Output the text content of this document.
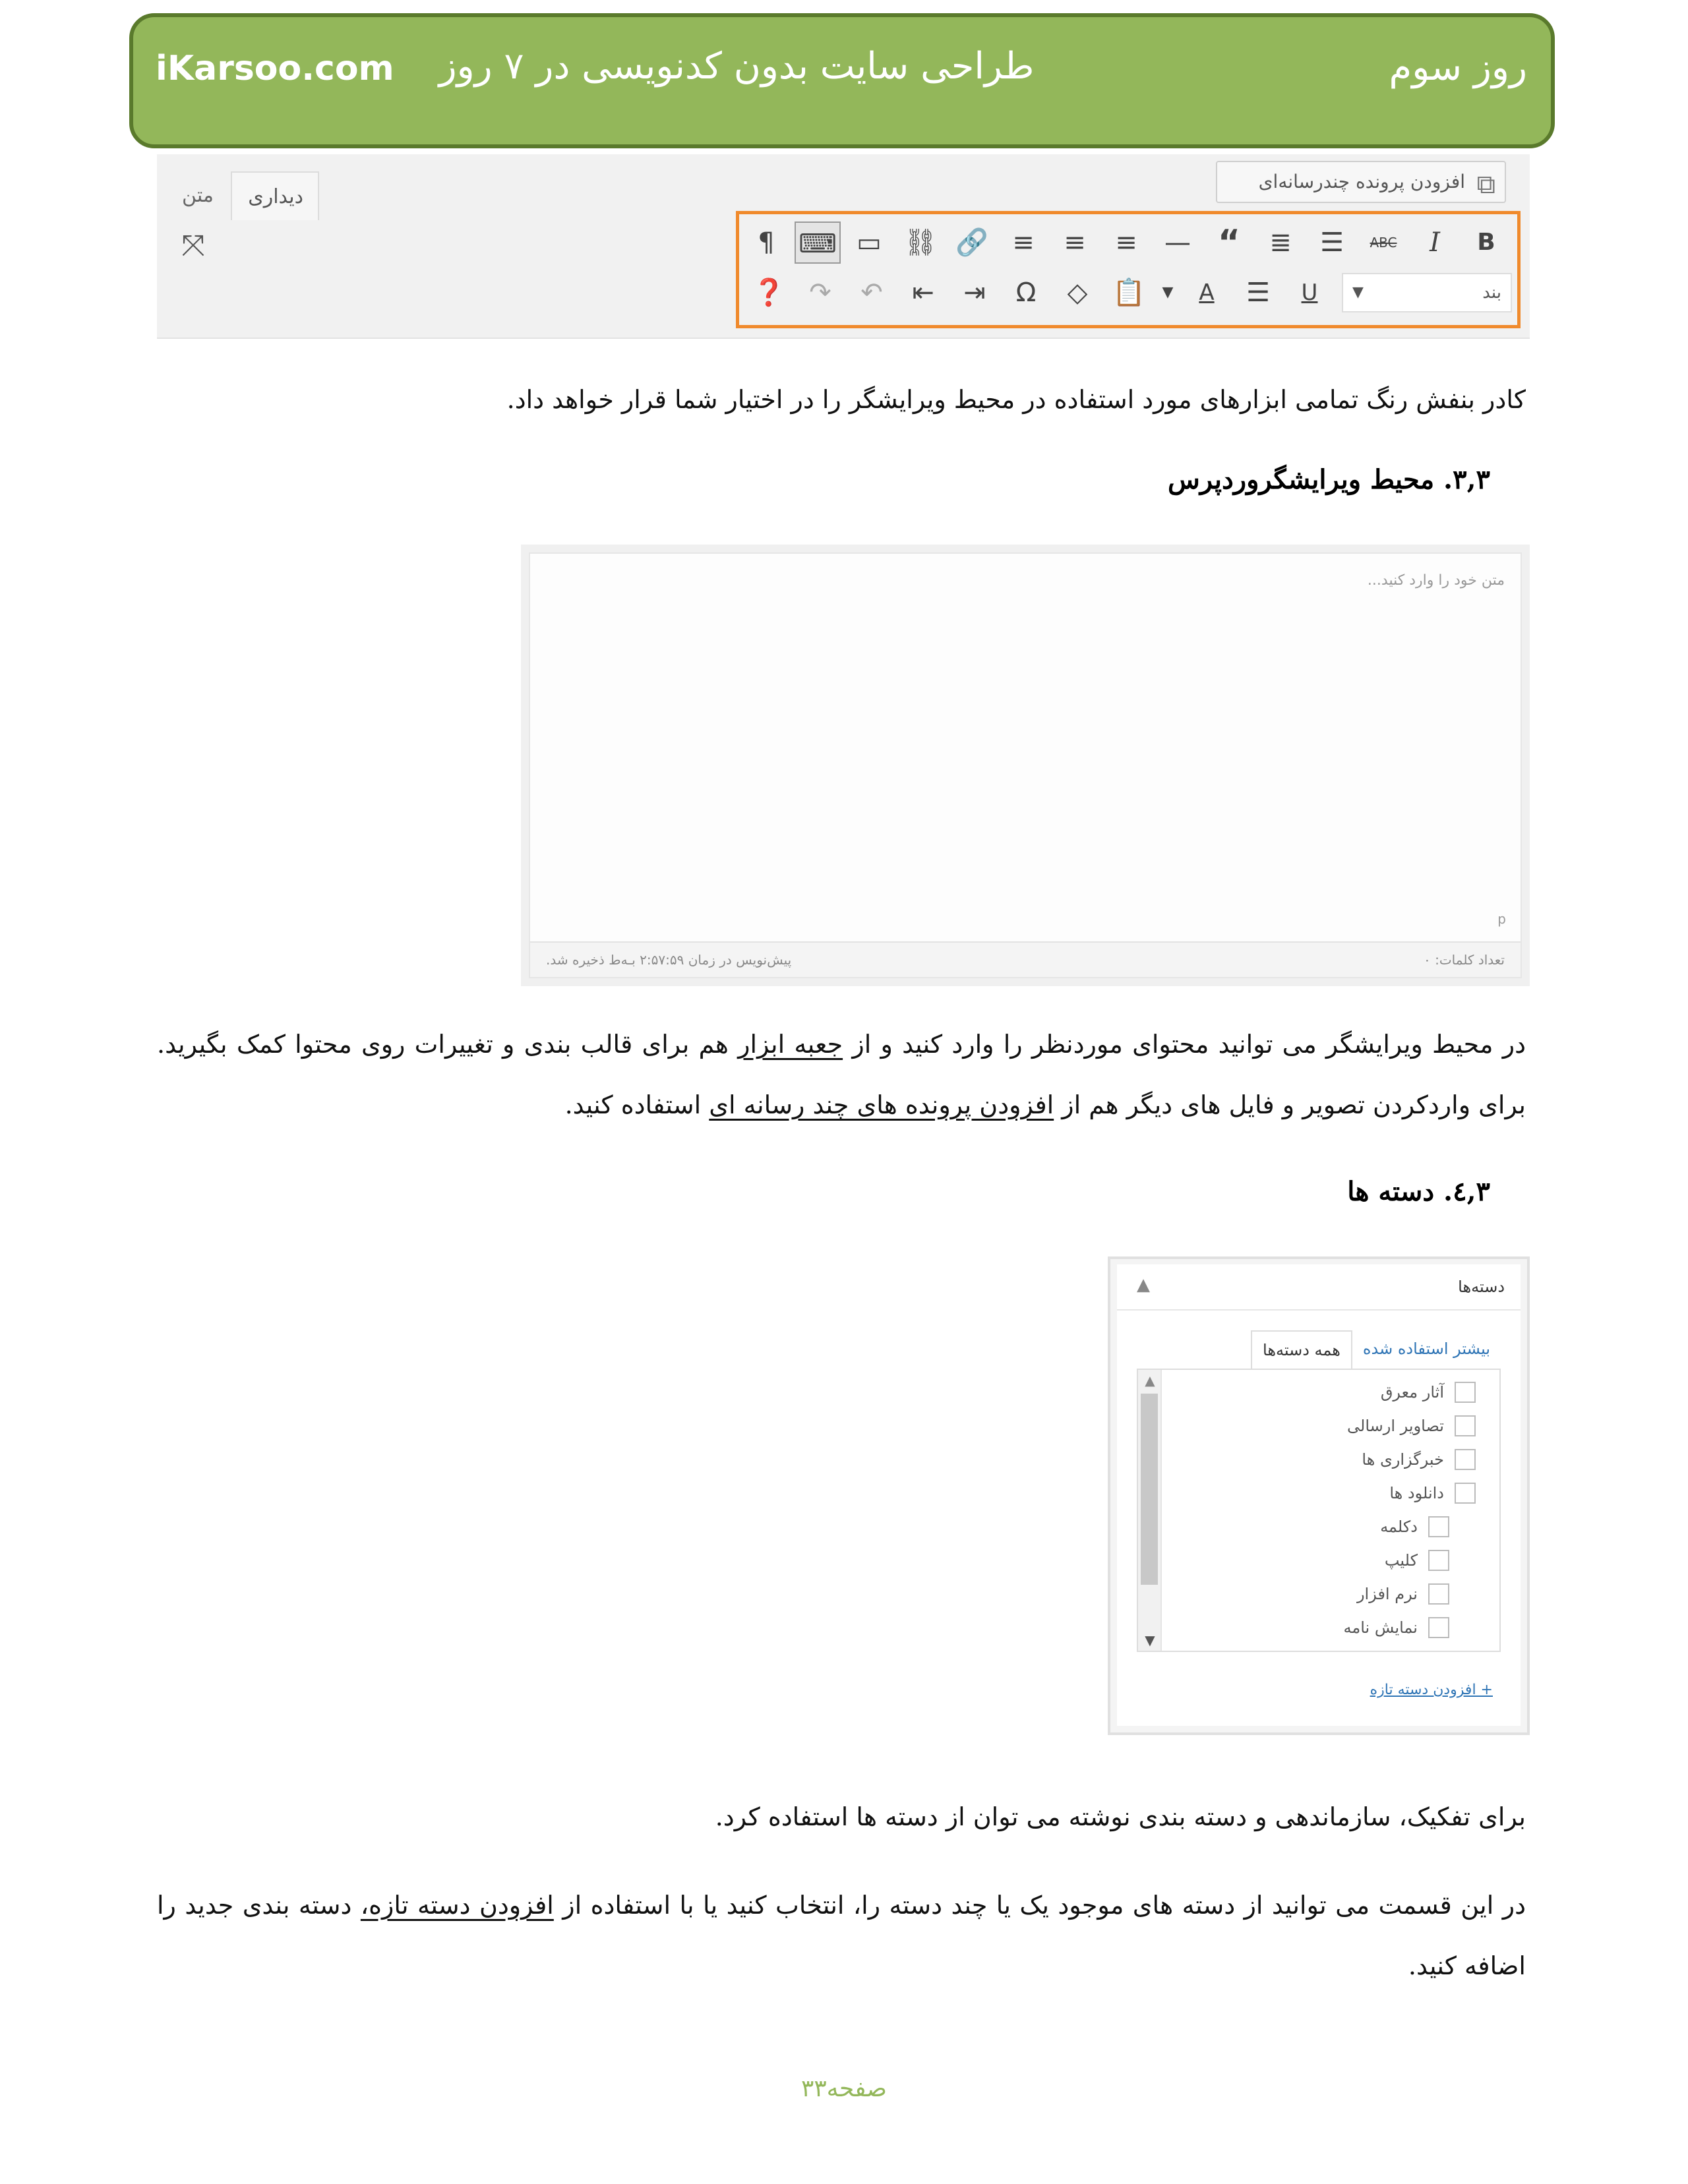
iKarsoo.com	طراحی سایت بدون کدنویسی در ۷ روز	روز سوم
متن	دیداری
⤧
⧉
افزودن پرونده چندرسانه‌ای
B
I
ABC
☰
≣
“
—
≡
≡
≡
🔗
⛓
▭
⌨
¶
بند
▼
U
☰
A
▼
📋
◇
Ω
⇥
⇤
↶
↷
❓
کادر بنفش رنگ تمامی ابزارهای مورد استفاده در محیط ویرایشگر را در اختیار شما قرار خواهد داد.
۳,۳. محیط ویرایشگروردپرس
متن خود را وارد کنید...
p
تعداد کلمات: ۰
پیش‌نویس در زمان ۲:۵۷:۵۹ بـه‌ط ذخیره شد.
در محیط ویرایشگر می توانید محتوای موردنظر را وارد کنید و از جعبه ابزار هم برای قالب بندی و تغییرات روی محتوا کمک بگیرید. برای واردکردن تصویر و فایل های دیگر هم از افزودن پرونده های چند رسانه ای استفاده کنید.
۳,٤. دسته ها
دسته‌ها
▲
همه دسته‌ها	بیشتر استفاده شده
▲
▼
آثار معرق
تصاویر ارسالی
خبرگزاری ها
دانلود ها
دکلمه
کلیپ
نرم افزار
نمایش نامه
+ افزودن دسته تازه
برای تفکیک، سازماندهی و دسته بندی نوشته می توان از دسته ها استفاده کرد.
در این قسمت می توانید از دسته های موجود یک یا چند دسته را، انتخاب کنید یا با استفاده از افزودن دسته تازه، دسته بندی جدید را اضافه کنید.
صفحه۳۳
